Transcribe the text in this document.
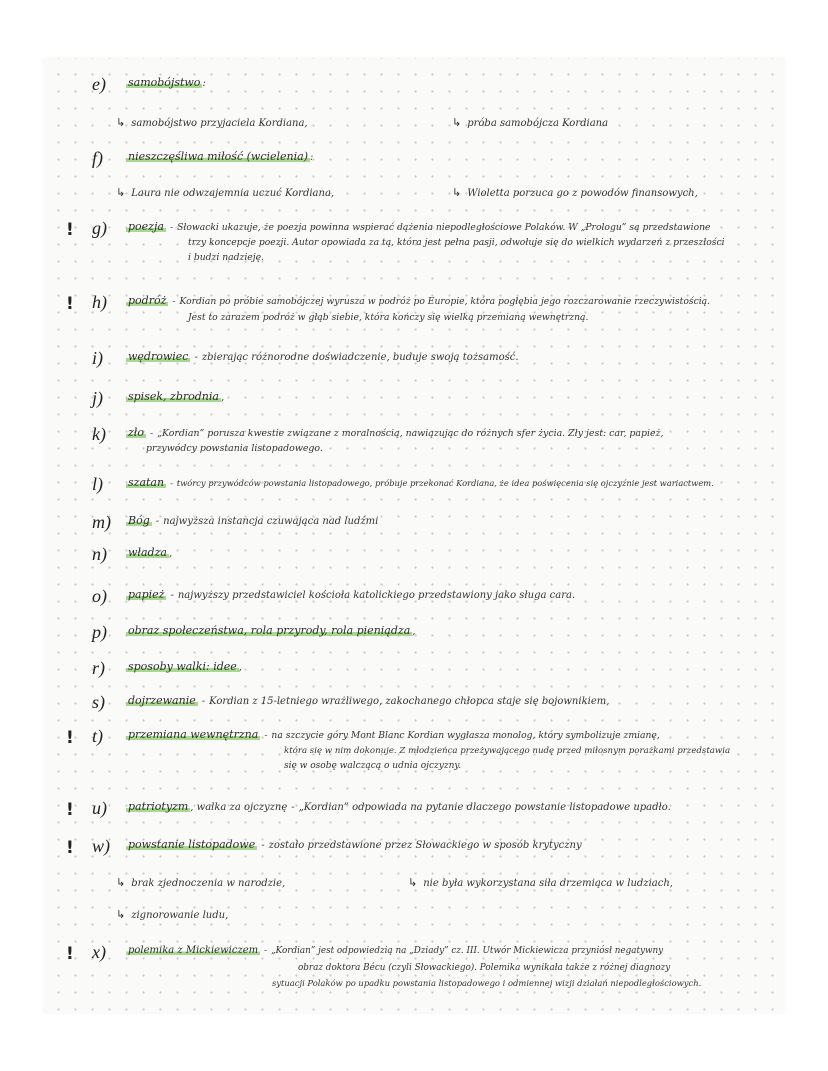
e) samobójstwo :
↳ samobójstwo przyjaciela Kordiana,	↳ próba samobójcza Kordiana
f) nieszczęśliwa miłość (wcielenia) :
↳ Laura nie odwzajemnia uczuć Kordiana,	↳ Wioletta porzuca go z powodów finansowych,
! g) poezja - Słowacki ukazuje, że poezja powinna wspierać dążenia niepodległościowe Polaków. W „Prologu” są przedstawione
trzy koncepcje poezji. Autor opowiada za tą, która jest pełna pasji, odwołuje się do wielkich wydarzeń z przeszłości
i budzi nadzieję.
! h) podróż - Kordian po próbie samobójczej wyrusza w podróż po Europie, która pogłębia jego rozczarowanie rzeczywistością.
Jest to zarazem podróż w głąb siebie, która kończy się wielką przemianą wewnętrzną.
i) wędrowiec - zbierając różnorodne doświadczenie, buduje swoją tożsamość.
j) spisek, zbrodnia ,
k) zło - „Kordian” porusza kwestie związane z moralnością, nawiązując do różnych sfer życia. Zły jest: car, papież,
przywódcy powstania listopadowego.
l) szatan - twórcy przywódców powstania listopadowego, próbuje przekonać Kordiana, że idea poświęcenia się ojczyźnie jest wariactwem.
m) Bóg - najwyższa instancja czuwająca nad ludźmi
n) władza ,
o) papież - najwyższy przedstawiciel kościoła katolickiego przedstawiony jako sługa cara.
p) obraz społeczeństwa, rola przyrody, rola pieniądza ,
r) sposoby walki: idee ,
s) dojrzewanie - Kordian z 15-letniego wrażliwego, zakochanego chłopca staje się bojownikiem,
! t) przemiana wewnętrzna - na szczycie góry Mont Blanc Kordian wygłasza monolog, który symbolizuje zmianę,
która się w nim dokonuje. Z młodzieńca przeżywającego nudę przed miłosnym porażkami przedstawia
się w osobę walczącą o udnia ojczyzny.
! u) patriotyzm , walka za ojczyznę - „Kordian” odpowiada na pytanie dlaczego powstanie listopadowe upadło.
! w) powstanie listopadowe - zostało przedstawione przez Słowackiego w sposób krytyczny
↳ brak zjednoczenia w narodzie,	↳ nie była wykorzystana siła drzemiąca w ludziach,
↳ zignorowanie ludu,
! x) polemika z Mickiewiczem - „Kordian” jest odpowiedzią na „Dziady” cz. III. Utwór Mickiewicza przyniósł negatywny
obraz doktora Bécu (czyli Słowackiego). Polemika wynikała także z różnej diagnozy
sytuacji Polaków po upadku powstania listopadowego i odmiennej wizji działań niepodległościowych.
